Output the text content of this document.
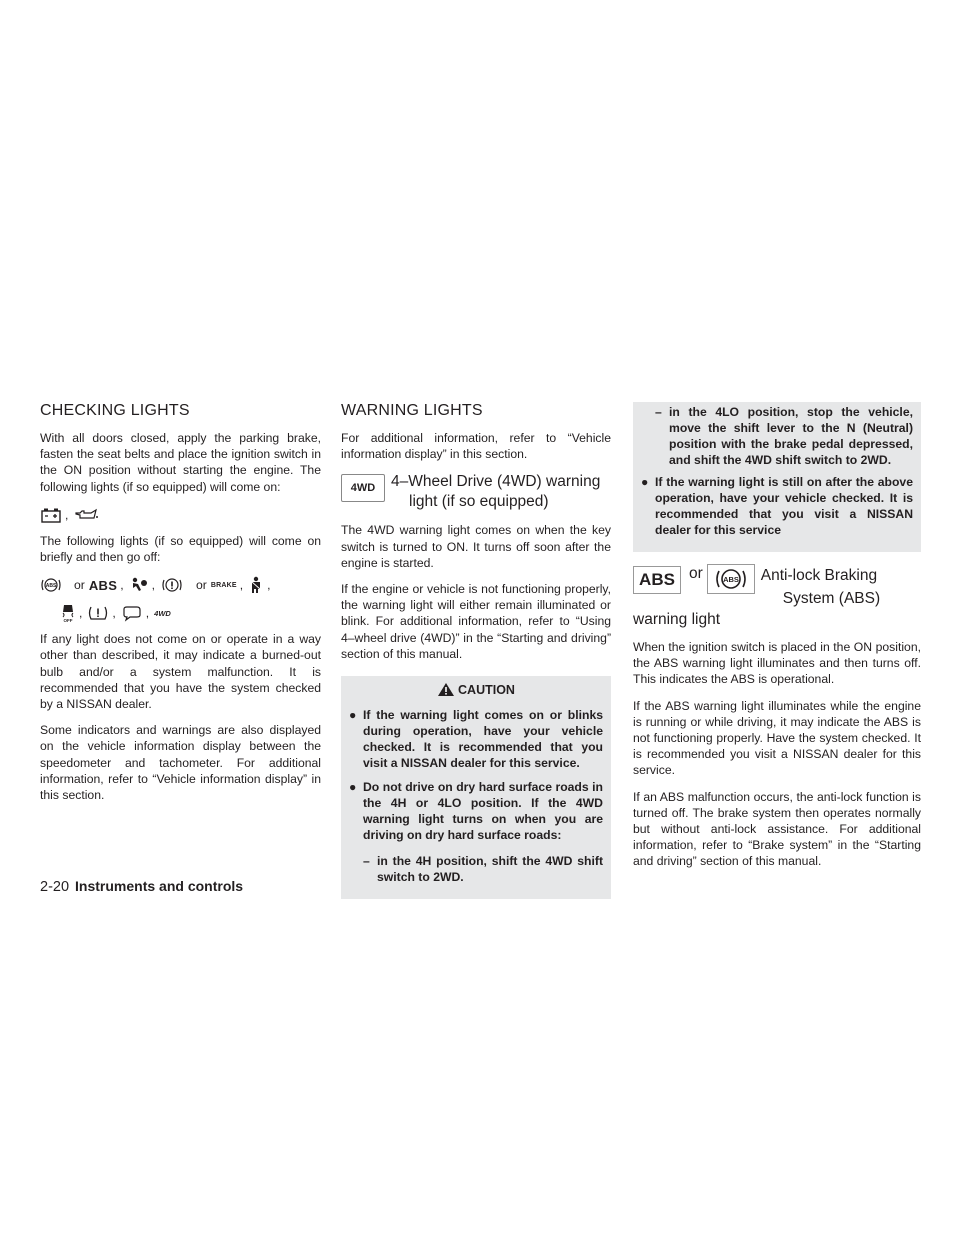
CHECKING LIGHTS

With all doors closed, apply the parking brake, fasten the seat belts and place the ignition switch in the ON position without starting the engine. The following lights (if so equipped) will come on:

,

The following lights (if so equipped) will come on briefly and then go off:

ABS or ABS , ,	or BRAKE , ,
OFF
, , , 4WD

If any light does not come on or operate in a way other than described, it may indicate a burned-out bulb and/or a system malfunction. It is recommended that you have the system checked by a NISSAN dealer.

Some indicators and warnings are also displayed on the vehicle information display between the speedometer and tachometer. For additional information, refer to “Vehicle information display” in this section.

WARNING LIGHTS

For additional information, refer to “Vehicle information display” in this section.

4WD	4–Wheel Drive (4WD) warning
light (if so equipped)

The 4WD warning light comes on when the key switch is turned to ON. It turns off soon after the engine is started.

If the engine or vehicle is not functioning properly, the warning light will either remain illuminated or blink. For additional information, refer to “Using 4–wheel drive (4WD)” in the “Starting and driving” section of this manual.

CAUTION
● If the warning light comes on or blinks during operation, have your vehicle checked. It is recommended that you visit a NISSAN dealer for this service.
● Do not drive on dry hard surface roads in the 4H or 4LO position. If the 4WD warning light turns on when you are driving on dry hard surface roads:
– in the 4H position, shift the 4WD shift switch to 2WD.
– in the 4LO position, stop the vehicle, move the shift lever to the N (Neutral) position with the brake pedal depressed, and shift the 4WD shift switch to 2WD.
● If the warning light is still on after the above operation, have your vehicle checked. It is recommended that you visit a NISSAN dealer for this service
ABS or	ABS Anti-lock Braking
System (ABS)
warning light

When the ignition switch is placed in the ON position, the ABS warning light illuminates and then turns off. This indicates the ABS is operational.

If the ABS warning light illuminates while the engine is running or while driving, it may indicate the ABS is not functioning properly. Have the system checked. It is recommended you visit a NISSAN dealer for this service.

If an ABS malfunction occurs, the anti-lock function is turned off. The brake system then operates normally but without anti-lock assistance. For additional information, refer to “Brake system” in the “Starting and driving” section of this manual.

2-20 Instruments and controls
